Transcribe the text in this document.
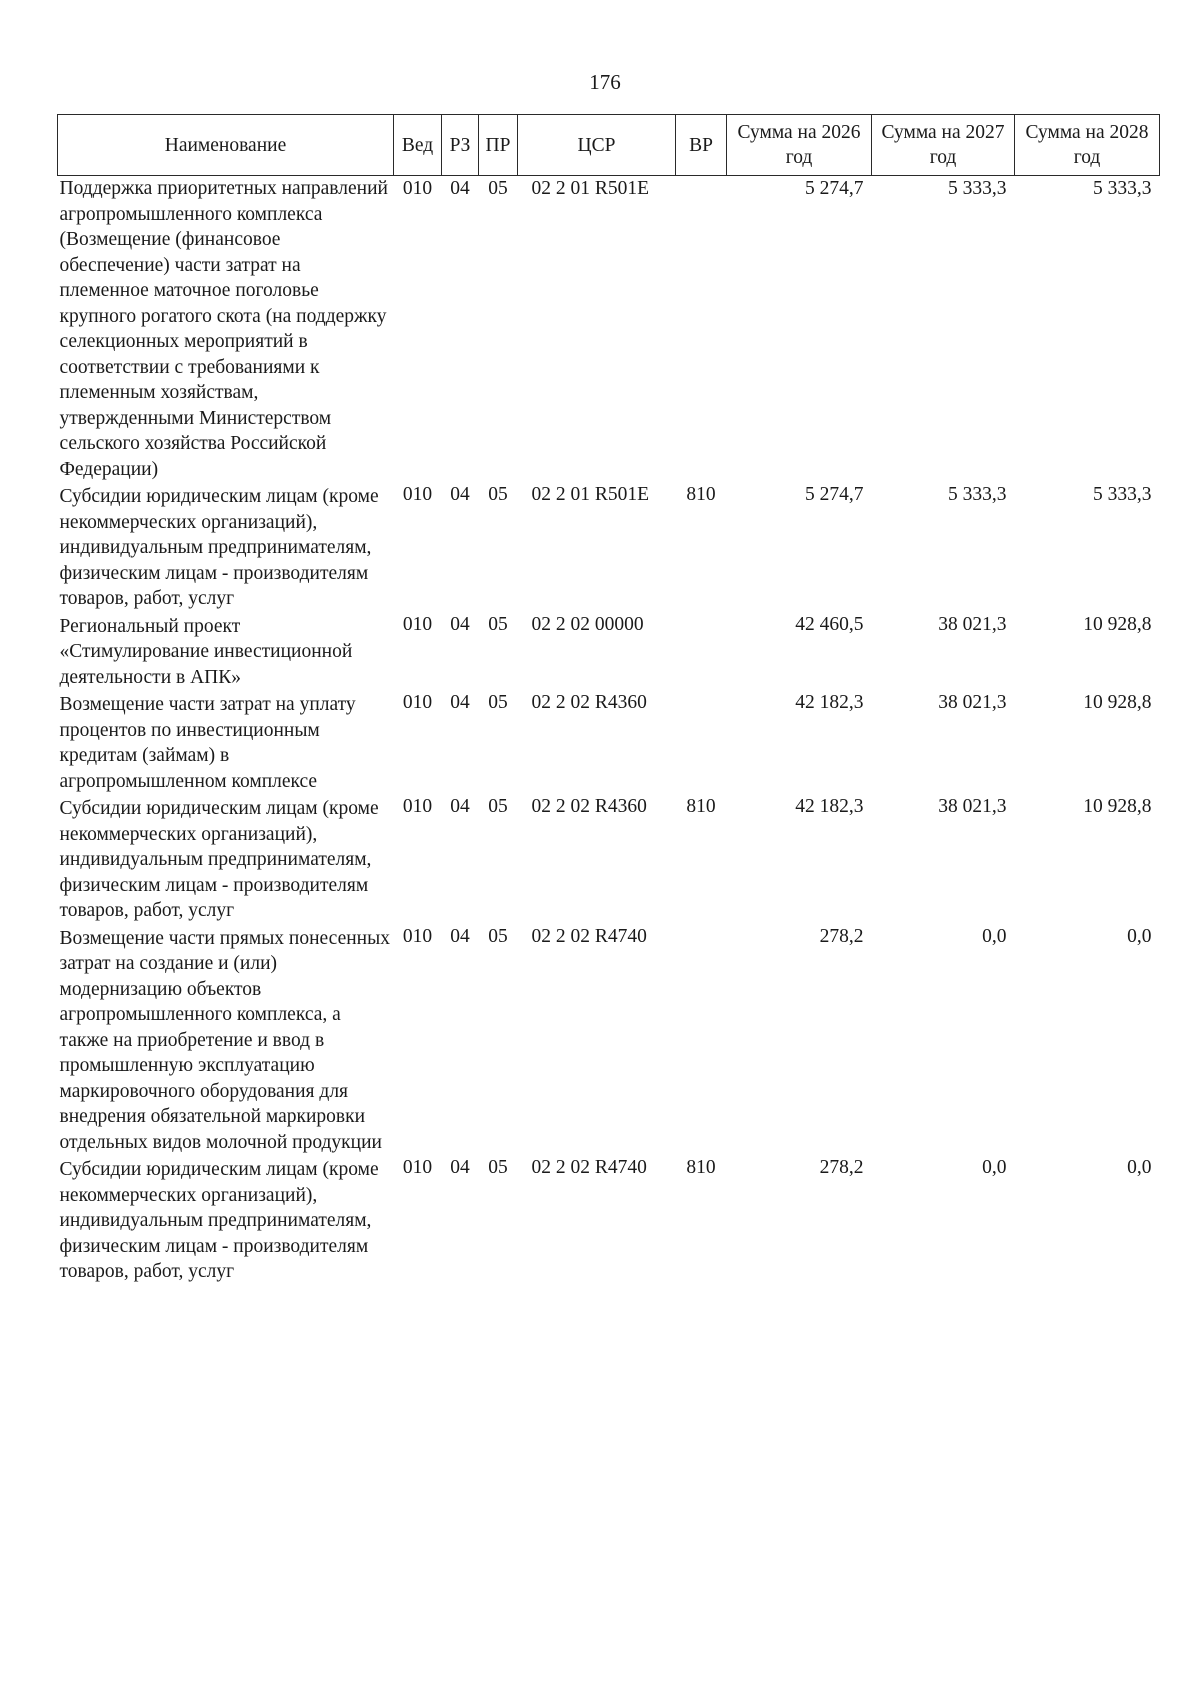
176
Наименование	Вед	РЗ	ПР	ЦСР	ВР	Сумма на 2026 год	Сумма на 2027 год	Сумма на 2028 год
Поддержка приоритетных направлений агропромышленного комплекса (Возмещение (финансовое обеспечение) части затрат на племенное маточное поголовье крупного рогатого скота (на поддержку селекционных мероприятий в соответствии с требованиями к племенным хозяйствам, утвержденными Министерством сельского хозяйства Российской Федерации)	010	04	05	02 2 01 R501E		5 274,7	5 333,3	5 333,3
Субсидии юридическим лицам (кроме некоммерческих организаций), индивидуальным предпринимателям, физическим лицам - производителям товаров, работ, услуг	010	04	05	02 2 01 R501E	810	5 274,7	5 333,3	5 333,3
Региональный проект «Стимулирование инвестиционной деятельности в АПК»	010	04	05	02 2 02 00000		42 460,5	38 021,3	10 928,8
Возмещение части затрат на уплату процентов по инвестиционным кредитам (займам) в агропромышленном комплексе	010	04	05	02 2 02 R4360		42 182,3	38 021,3	10 928,8
Субсидии юридическим лицам (кроме некоммерческих организаций), индивидуальным предпринимателям, физическим лицам - производителям товаров, работ, услуг	010	04	05	02 2 02 R4360	810	42 182,3	38 021,3	10 928,8
Возмещение части прямых понесенных затрат на создание и (или) модернизацию объектов агропромышленного комплекса, а также на приобретение и ввод в промышленную эксплуатацию маркировочного оборудования для внедрения обязательной маркировки отдельных видов молочной продукции	010	04	05	02 2 02 R4740		278,2	0,0	0,0
Субсидии юридическим лицам (кроме некоммерческих организаций), индивидуальным предпринимателям, физическим лицам - производителям товаров, работ, услуг	010	04	05	02 2 02 R4740	810	278,2	0,0	0,0
